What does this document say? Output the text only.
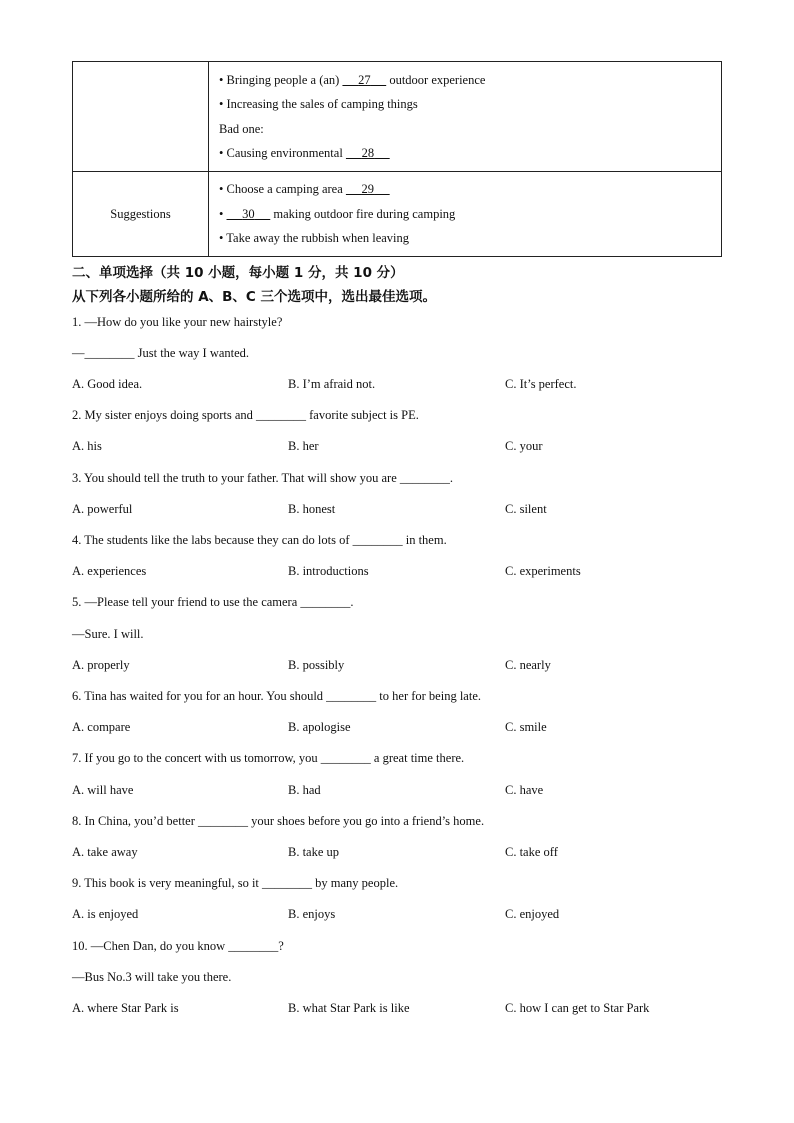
	• Bringing people a (an)      27      outdoor experience
• Increasing the sales of camping things
Bad one:
• Causing environmental      28

Suggestions	• Choose a camping area      29
•      30      making outdoor fire during camping
• Take away the rubbish when leaving
二、单项选择（共 10 小题，每小题 1 分，共 10 分）
从下列各小题所给的 A、B、C 三个选项中，选出最佳选项。
1. —How do you like your new hairstyle?
—________ Just the way I wanted.
A. Good idea.	B. I’m afraid not.	C. It’s perfect.
2. My sister enjoys doing sports and ________ favorite subject is PE.
A. his	B. her	C. your
3. You should tell the truth to your father. That will show you are ________.
A. powerful	B. honest	C. silent
4. The students like the labs because they can do lots of ________ in them.
A. experiences	B. introductions	C. experiments
5. —Please tell your friend to use the camera ________.
—Sure. I will.
A. properly	B. possibly	C. nearly
6. Tina has waited for you for an hour. You should ________ to her for being late.
A. compare	B. apologise	C. smile
7. If you go to the concert with us tomorrow, you ________ a great time there.
A. will have	B. had	C. have
8. In China, you’d better ________ your shoes before you go into a friend’s home.
A. take away	B. take up	C. take off
9. This book is very meaningful, so it ________ by many people.
A. is enjoyed	B. enjoys	C. enjoyed
10. —Chen Dan, do you know ________?
—Bus No.3 will take you there.
A. where Star Park is	B. what Star Park is like	C. how I can get to Star Park
